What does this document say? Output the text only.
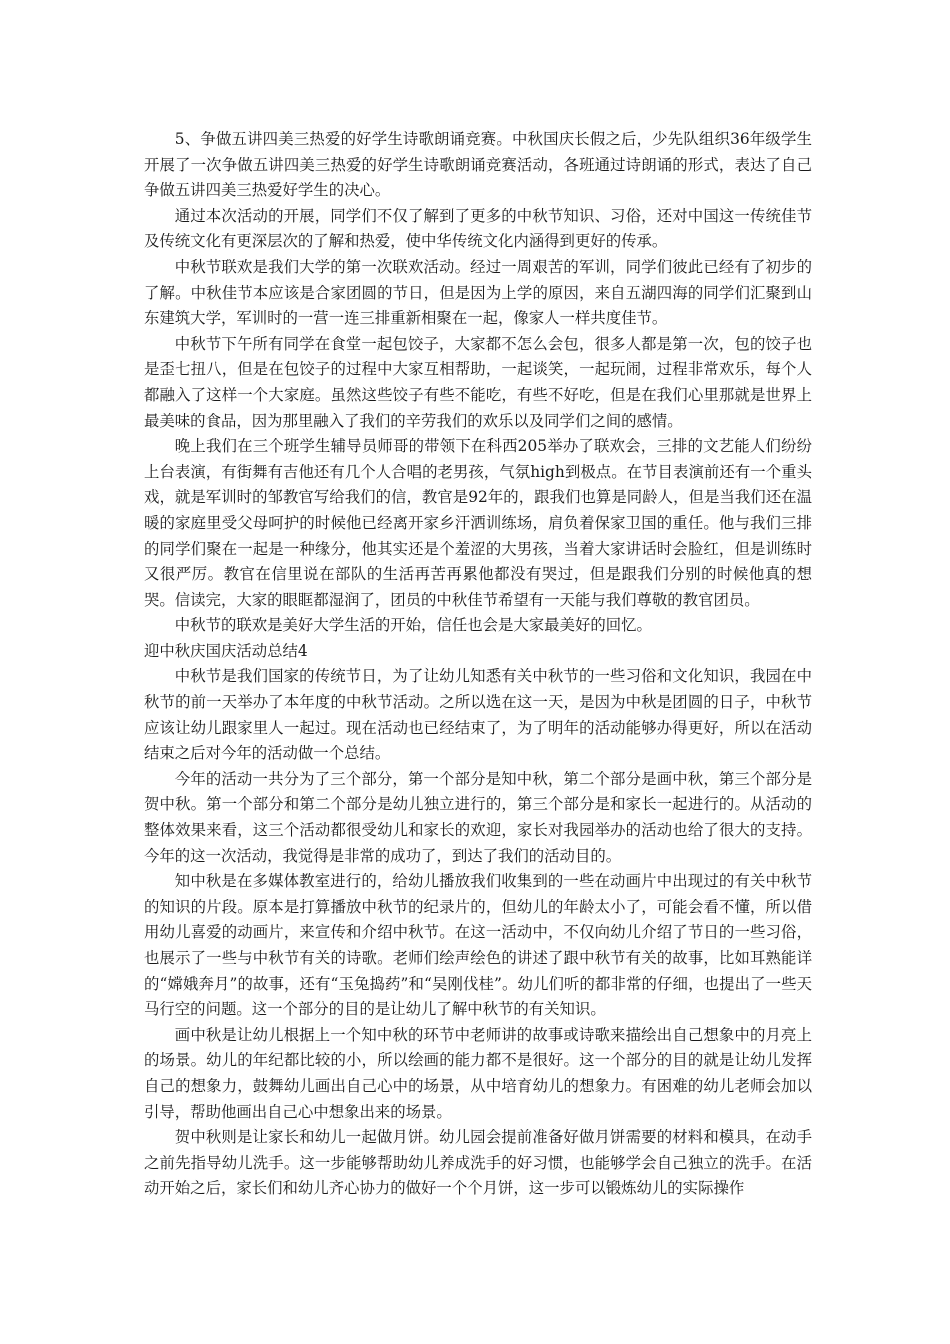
5、争做五讲四美三热爱的好学生诗歌朗诵竞赛。中秋国庆长假之后，少先队组织36年级学生开展了一次争做五讲四美三热爱的好学生诗歌朗诵竞赛活动，各班通过诗朗诵的形式，表达了自己争做五讲四美三热爱好学生的决心。

通过本次活动的开展，同学们不仅了解到了更多的中秋节知识、习俗，还对中国这一传统佳节及传统文化有更深层次的了解和热爱，使中华传统文化内涵得到更好的传承。

中秋节联欢是我们大学的第一次联欢活动。经过一周艰苦的军训，同学们彼此已经有了初步的了解。中秋佳节本应该是合家团圆的节日，但是因为上学的原因，来自五湖四海的同学们汇聚到山东建筑大学，军训时的一营一连三排重新相聚在一起，像家人一样共度佳节。

中秋节下午所有同学在食堂一起包饺子，大家都不怎么会包，很多人都是第一次，包的饺子也是歪七扭八，但是在包饺子的过程中大家互相帮助，一起谈笑，一起玩闹，过程非常欢乐，每个人都融入了这样一个大家庭。虽然这些饺子有些不能吃，有些不好吃，但是在我们心里那就是世界上最美味的食品，因为那里融入了我们的辛劳我们的欢乐以及同学们之间的感情。

晚上我们在三个班学生辅导员师哥的带领下在科西205举办了联欢会，三排的文艺能人们纷纷上台表演，有街舞有吉他还有几个人合唱的老男孩，气氛high到极点。在节目表演前还有一个重头戏，就是军训时的邹教官写给我们的信，教官是92年的，跟我们也算是同龄人，但是当我们还在温暖的家庭里受父母呵护的时候他已经离开家乡汗洒训练场，肩负着保家卫国的重任。他与我们三排的同学们聚在一起是一种缘分，他其实还是个羞涩的大男孩，当着大家讲话时会脸红，但是训练时又很严厉。教官在信里说在部队的生活再苦再累他都没有哭过，但是跟我们分别的时候他真的想哭。信读完，大家的眼眶都湿润了，团员的中秋佳节希望有一天能与我们尊敬的教官团员。

中秋节的联欢是美好大学生活的开始，信任也会是大家最美好的回忆。

迎中秋庆国庆活动总结4

中秋节是我们国家的传统节日，为了让幼儿知悉有关中秋节的一些习俗和文化知识，我园在中秋节的前一天举办了本年度的中秋节活动。之所以选在这一天，是因为中秋是团圆的日子，中秋节应该让幼儿跟家里人一起过。现在活动也已经结束了，为了明年的活动能够办得更好，所以在活动结束之后对今年的活动做一个总结。

今年的活动一共分为了三个部分，第一个部分是知中秋，第二个部分是画中秋，第三个部分是贺中秋。第一个部分和第二个部分是幼儿独立进行的，第三个部分是和家长一起进行的。从活动的整体效果来看，这三个活动都很受幼儿和家长的欢迎，家长对我园举办的活动也给了很大的支持。今年的这一次活动，我觉得是非常的成功了，到达了我们的活动目的。

知中秋是在多媒体教室进行的，给幼儿播放我们收集到的一些在动画片中出现过的有关中秋节的知识的片段。原本是打算播放中秋节的纪录片的，但幼儿的年龄太小了，可能会看不懂，所以借用幼儿喜爱的动画片，来宣传和介绍中秋节。在这一活动中，不仅向幼儿介绍了节日的一些习俗，也展示了一些与中秋节有关的诗歌。老师们绘声绘色的讲述了跟中秋节有关的故事，比如耳熟能详的“嫦娥奔月”的故事，还有“玉兔捣药”和“吴刚伐桂”。幼儿们听的都非常的仔细，也提出了一些天马行空的问题。这一个部分的目的是让幼儿了解中秋节的有关知识。

画中秋是让幼儿根据上一个知中秋的环节中老师讲的故事或诗歌来描绘出自己想象中的月亮上的场景。幼儿的年纪都比较的小，所以绘画的能力都不是很好。这一个部分的目的就是让幼儿发挥自己的想象力，鼓舞幼儿画出自己心中的场景，从中培育幼儿的想象力。有困难的幼儿老师会加以引导，帮助他画出自己心中想象出来的场景。

贺中秋则是让家长和幼儿一起做月饼。幼儿园会提前准备好做月饼需要的材料和模具，在动手之前先指导幼儿洗手。这一步能够帮助幼儿养成洗手的好习惯，也能够学会自己独立的洗手。在活动开始之后，家长们和幼儿齐心协力的做好一个个月饼，这一步可以锻炼幼儿的实际操作
